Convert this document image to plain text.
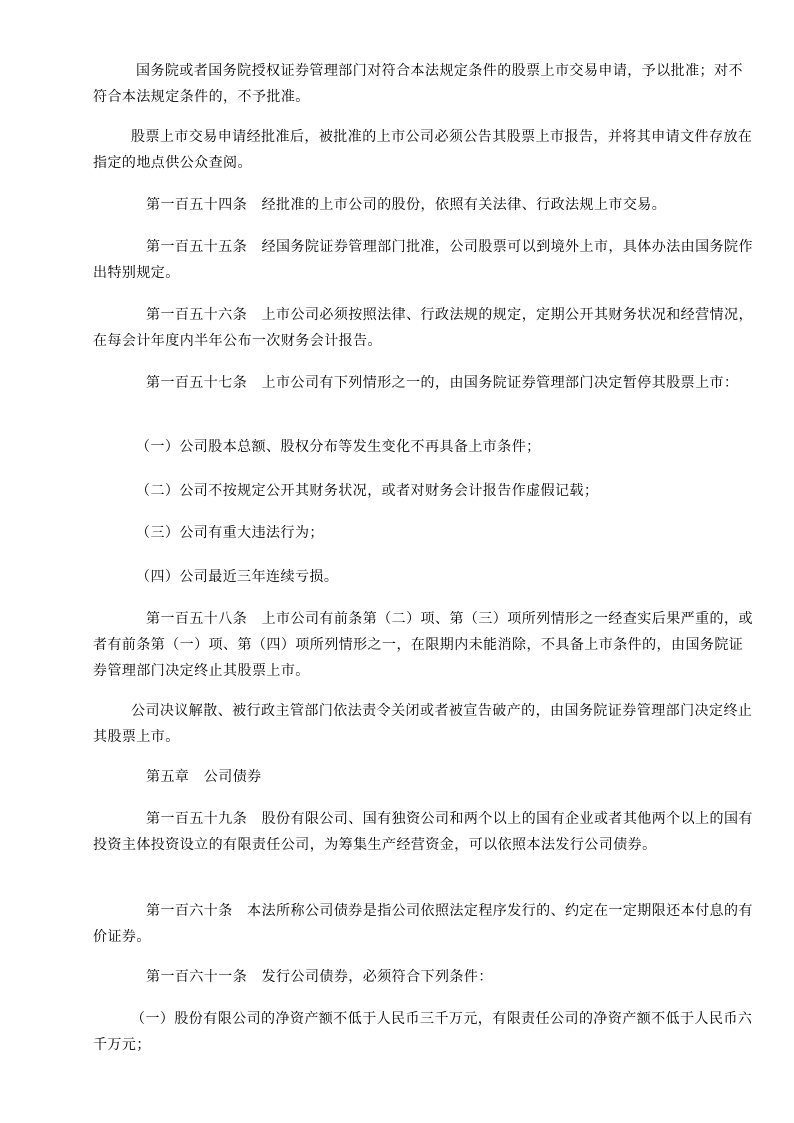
国务院或者国务院授权证券管理部门对符合本法规定条件的股票上市交易申请，予以批准；对不符合本法规定条件的，不予批准。

股票上市交易申请经批准后，被批准的上市公司必须公告其股票上市报告，并将其申请文件存放在指定的地点供公众查阅。

第一百五十四条　经批准的上市公司的股份，依照有关法律、行政法规上市交易。

第一百五十五条　经国务院证券管理部门批准，公司股票可以到境外上市，具体办法由国务院作出特别规定。

第一百五十六条　上市公司必须按照法律、行政法规的规定，定期公开其财务状况和经营情况，在每会计年度内半年公布一次财务会计报告。

第一百五十七条　上市公司有下列情形之一的，由国务院证券管理部门决定暂停其股票上市：

（一）公司股本总额、股权分布等发生变化不再具备上市条件；

（二）公司不按规定公开其财务状况，或者对财务会计报告作虚假记载；

（三）公司有重大违法行为；

（四）公司最近三年连续亏损。

第一百五十八条　上市公司有前条第（二）项、第（三）项所列情形之一经查实后果严重的，或者有前条第（一）项、第（四）项所列情形之一，在限期内未能消除，不具备上市条件的，由国务院证券管理部门决定终止其股票上市。

公司决议解散、被行政主管部门依法责令关闭或者被宣告破产的，由国务院证券管理部门决定终止其股票上市。

第五章　公司债券

第一百五十九条　股份有限公司、国有独资公司和两个以上的国有企业或者其他两个以上的国有投资主体投资设立的有限责任公司，为筹集生产经营资金，可以依照本法发行公司债券。

第一百六十条　本法所称公司债券是指公司依照法定程序发行的、约定在一定期限还本付息的有价证券。

第一百六十一条　发行公司债券，必须符合下列条件：

（一）股份有限公司的净资产额不低于人民币三千万元，有限责任公司的净资产额不低于人民币六千万元；
